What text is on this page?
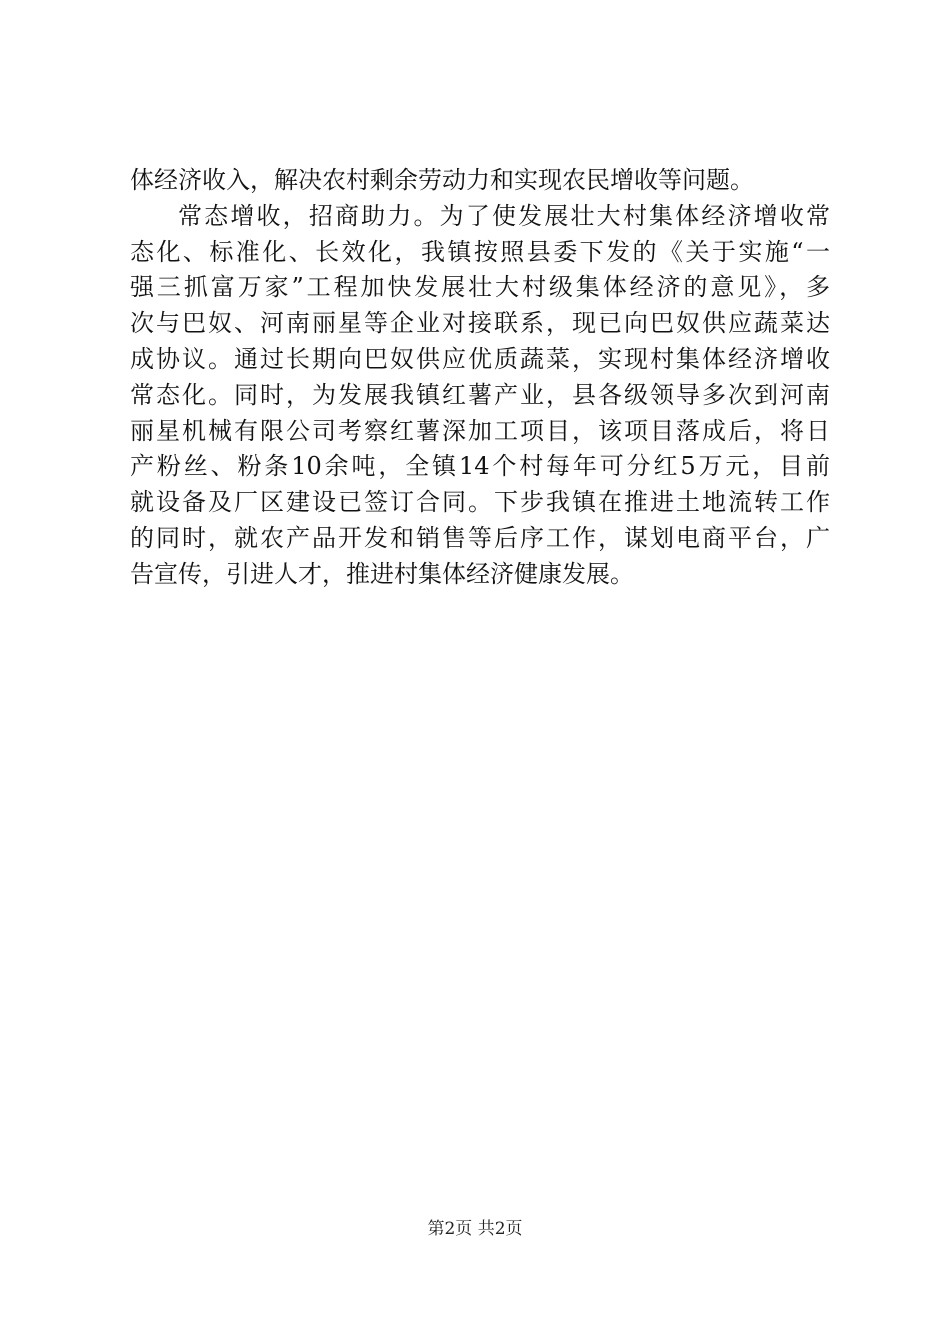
体经济收入，解决农村剩余劳动力和实现农民增收等问题。
常态增收，招商助力。为了使发展壮大村集体经济增收常
态化、标准化、长效化，我镇按照县委下发的《关于实施“一
强三抓富万家”工程加快发展壮大村级集体经济的意见》，多
次与巴奴、河南丽星等企业对接联系，现已向巴奴供应蔬菜达
成协议。通过长期向巴奴供应优质蔬菜，实现村集体经济增收
常态化。同时，为发展我镇红薯产业，县各级领导多次到河南
丽星机械有限公司考察红薯深加工项目，该项目落成后，将日
产粉丝、粉条10余吨，全镇14个村每年可分红5万元，目前
就设备及厂区建设已签订合同。下步我镇在推进土地流转工作
的同时，就农产品开发和销售等后序工作，谋划电商平台，广
告宣传，引进人才，推进村集体经济健康发展。
第2页 共2页
